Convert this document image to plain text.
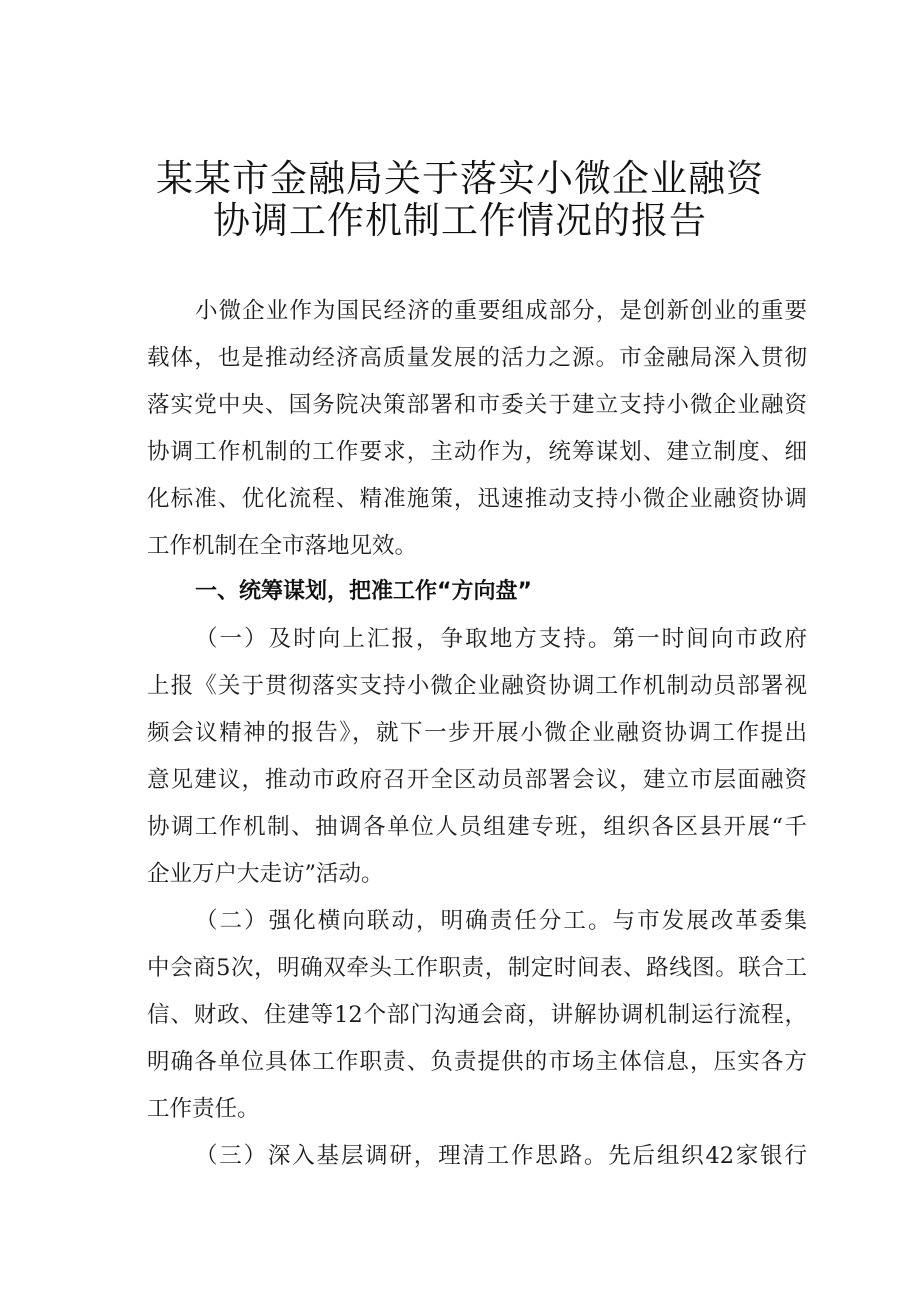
某某市金融局关于落实小微企业融资
协调工作机制工作情况的报告
小微企业作为国民经济的重要组成部分，是创新创业的重要
载体，也是推动经济高质量发展的活力之源。市金融局深入贯彻
落实党中央、国务院决策部署和市委关于建立支持小微企业融资
协调工作机制的工作要求，主动作为，统筹谋划、建立制度、细
化标准、优化流程、精准施策，迅速推动支持小微企业融资协调
工作机制在全市落地见效。
一、统筹谋划，把准工作“方向盘”
（一）及时向上汇报，争取地方支持。第一时间向市政府
上报《关于贯彻落实支持小微企业融资协调工作机制动员部署视
频会议精神的报告》，就下一步开展小微企业融资协调工作提出
意见建议，推动市政府召开全区动员部署会议，建立市层面融资
协调工作机制、抽调各单位人员组建专班，组织各区县开展“千
企业万户大走访”活动。
（二）强化横向联动，明确责任分工。与市发展改革委集
中会商5次，明确双牵头工作职责，制定时间表、路线图。联合工
信、财政、住建等12个部门沟通会商，讲解协调机制运行流程，
明确各单位具体工作职责、负责提供的市场主体信息，压实各方
工作责任。
（三）深入基层调研，理清工作思路。先后组织42家银行
